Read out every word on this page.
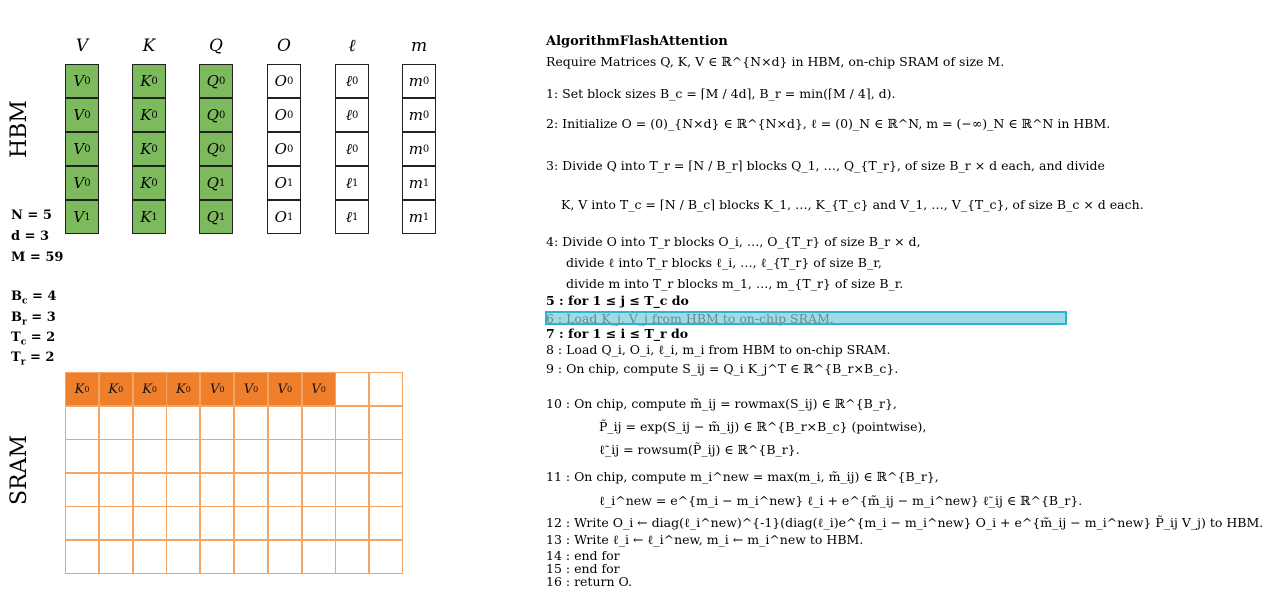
V
V 0
V 0
V 0
V 0
V 1
K
K 0
K 0
K 0
K 0
K 1
Q
Q 0
Q 0
Q 0
Q 1
Q 1
O
O 0
O 0
O 0
O 1
O 1
ℓ
ℓ 0
ℓ 0
ℓ 0
ℓ 1
ℓ 1
m
m 0
m 0
m 0
m 1
m 1
HBM
N = 5
d = 3
M = 59
$B_c = 4$
$B_r = 3$
$T_c = 2$
$T_r = 2$
SRAM
K 0 K 0 K 0 K 0 V 0 V 0 V 0 V 0
AlgorithmFlashAttention
Require Matrices Q, K, V ∈ ℝ^{N×d} in HBM, on-chip SRAM of size M.
1: Set block sizes B_c = ⌈M / 4d⌉, B_r = min(⌈M / 4⌉, d).
2: Initialize O = (0)_{N×d} ∈ ℝ^{N×d}, ℓ = (0)_N ∈ ℝ^N, m = (−∞)_N ∈ ℝ^N in HBM.
3: Divide Q into T_r = ⌈N / B_r⌉ blocks Q_1, …, Q_{T_r}, of size B_r × d each, and divide
K, V into T_c = ⌈N / B_c⌉ blocks K_1, …, K_{T_c} and V_1, …, V_{T_c}, of size B_c × d each.
4: Divide O into T_r blocks O_i, …, O_{T_r} of size B_r × d,
divide ℓ into T_r blocks ℓ_i, …, ℓ_{T_r} of size B_r,
divide m into T_r blocks m_1, …, m_{T_r} of size B_r.
5 : for 1 ≤ j ≤ T_c do
6 : Load K_j, V_j from HBM to on-chip SRAM.
7 : for 1 ≤ i ≤ T_r do
8 : Load Q_i, O_i, ℓ_i, m_i from HBM to on-chip SRAM.
9 : On chip, compute S_ij = Q_i K_j^T ∈ ℝ^{B_r×B_c}.
10 : On chip, compute m̃_ij = rowmax(S_ij) ∈ ℝ^{B_r},
P̃_ij = exp(S_ij − m̃_ij) ∈ ℝ^{B_r×B_c} (pointwise),
ℓ̃_ij = rowsum(P̃_ij) ∈ ℝ^{B_r}.
11 : On chip, compute m_i^new = max(m_i, m̃_ij) ∈ ℝ^{B_r},
ℓ_i^new = e^{m_i − m_i^new} ℓ_i + e^{m̃_ij − m_i^new} ℓ̃_ij ∈ ℝ^{B_r}.
12 : Write O_i ← diag(ℓ_i^new)^{-1}(diag(ℓ_i)e^{m_i − m_i^new} O_i + e^{m̃_ij − m_i^new} P̃_ij V_j) to HBM.
13 : Write ℓ_i ← ℓ_i^new, m_i ← m_i^new to HBM.
14 : end for
15 : end for
16 : return O.
